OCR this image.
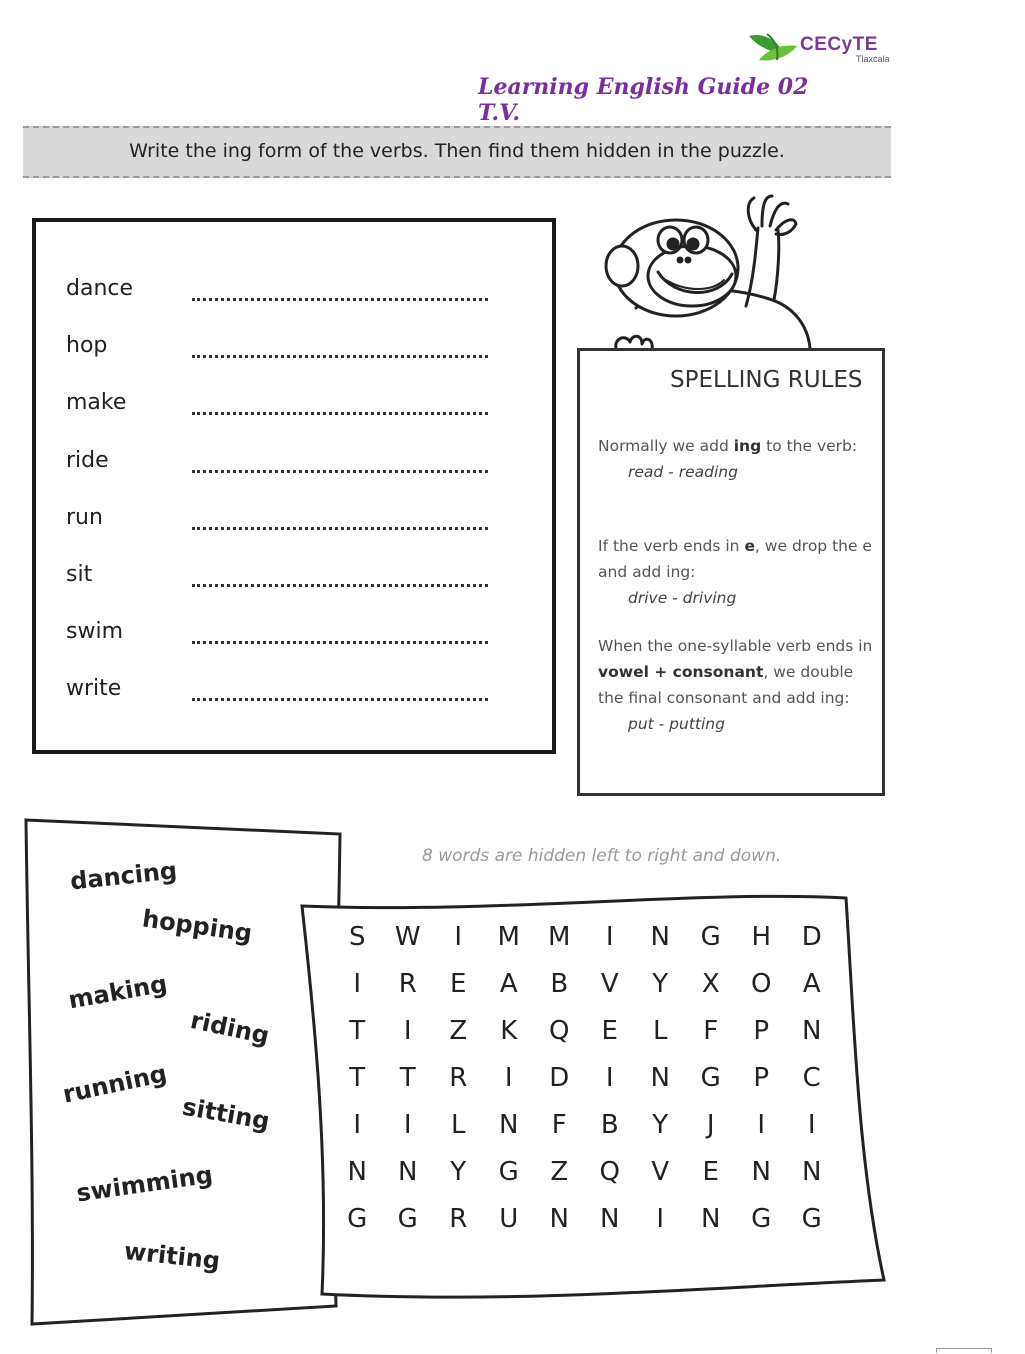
CECyTE
Tlaxcala
Learning English Guide 02 T.V.
Write the ing form of the verbs. Then find them hidden in the puzzle.
dance
hop
make
ride
run
sit
swim
write
SPELLING RULES
Normally we add ing to the verb:
read - reading
If the verb ends in e, we drop the e and add ing:
drive - driving
When the one-syllable verb ends in vowel + consonant, we double the final consonant and add ing:
put - putting
dancing
hopping
making
riding
running
sitting
swimming
writing
8 words are hidden left to right and down.
S	W	I	M	M	I	N	G	H	D
I	R	E	A	B	V	Y	X	O	A
T	I	Z	K	Q	E	L	F	P	N
T	T	R	I	D	I	N	G	P	C
I	I	L	N	F	B	Y	J	I	I
N	N	Y	G	Z	Q	V	E	N	N
G	G	R	U	N	N	I	N	G	G
